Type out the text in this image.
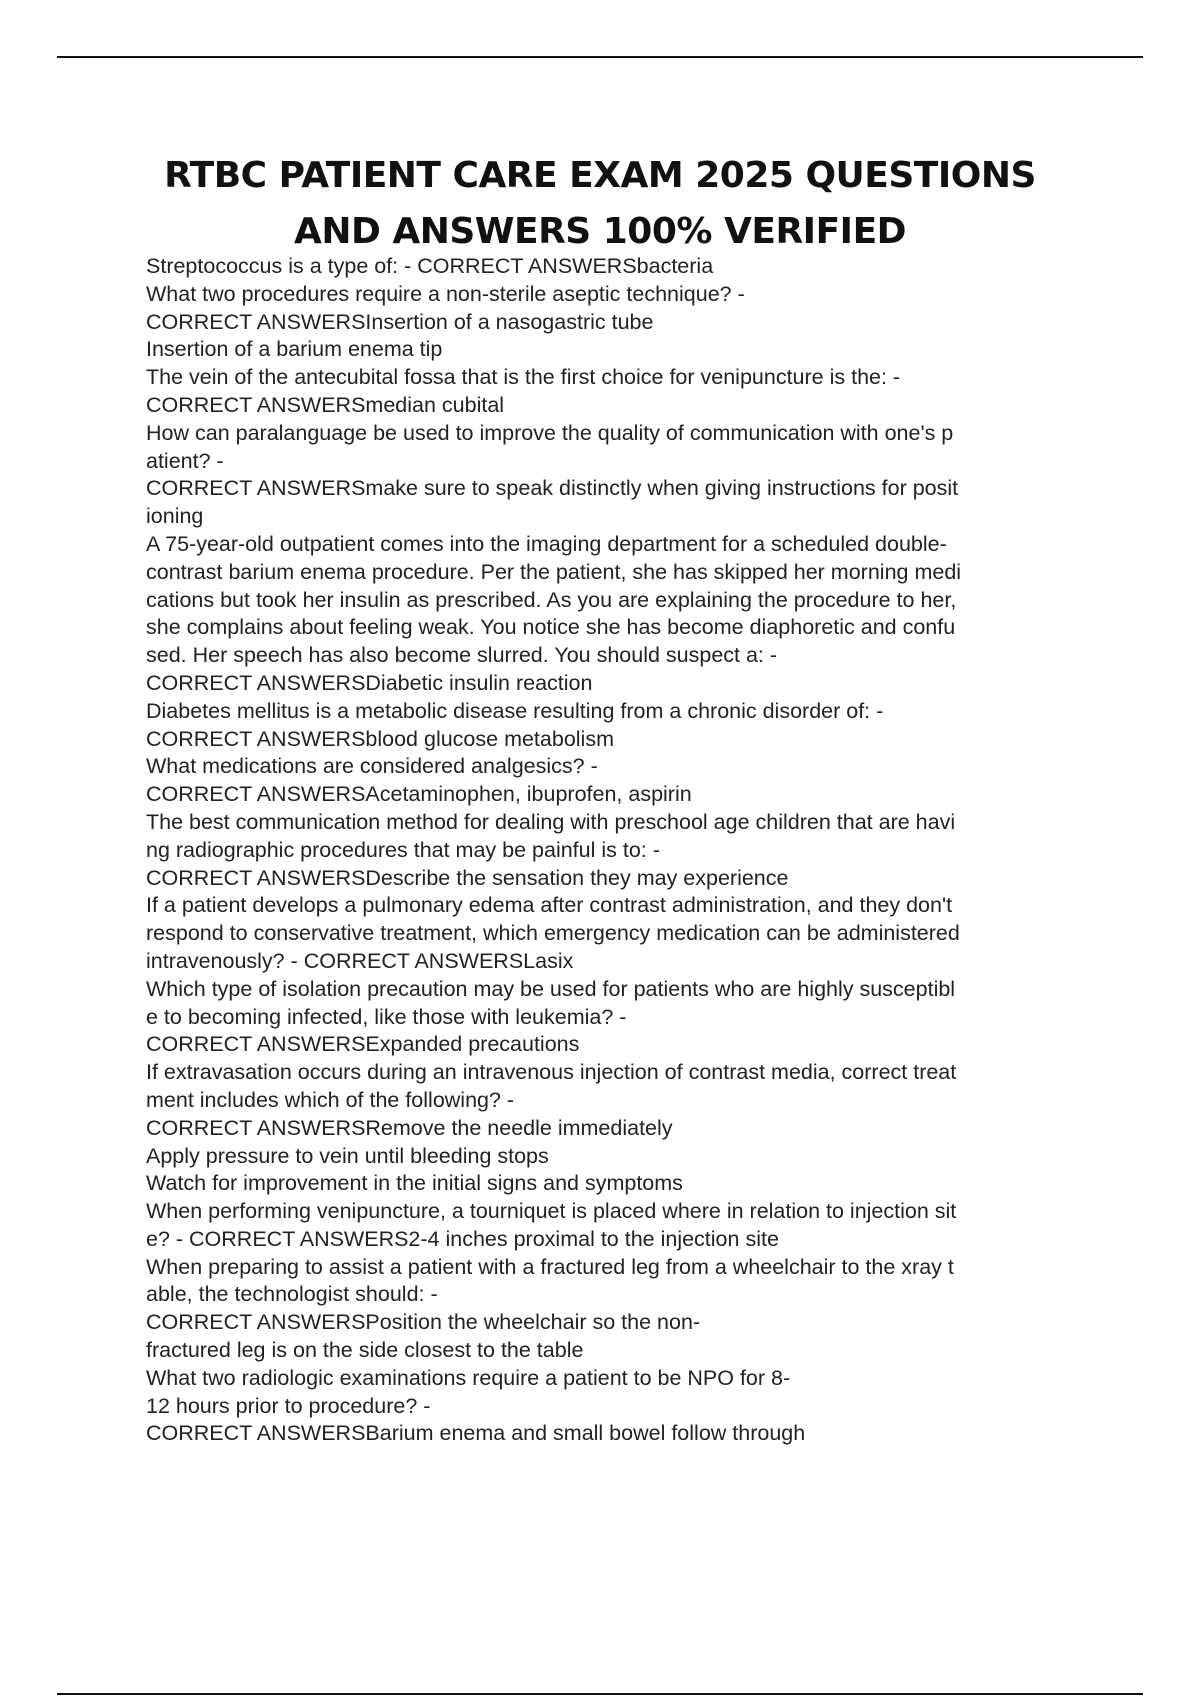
RTBC PATIENT CARE EXAM 2025 QUESTIONS
AND ANSWERS 100% VERIFIED
Streptococcus is a type of: - CORRECT ANSWERSbacteria
What two procedures require a non-sterile aseptic technique? -
CORRECT ANSWERSInsertion of a nasogastric tube
Insertion of a barium enema tip
The vein of the antecubital fossa that is the first choice for venipuncture is the: -
CORRECT ANSWERSmedian cubital
How can paralanguage be used to improve the quality of communication with one's p
atient? -
CORRECT ANSWERSmake sure to speak distinctly when giving instructions for posit
ioning
A 75-year-old outpatient comes into the imaging department for a scheduled double-
contrast barium enema procedure. Per the patient, she has skipped her morning medi
cations but took her insulin as prescribed. As you are explaining the procedure to her,
she complains about feeling weak. You notice she has become diaphoretic and confu
sed. Her speech has also become slurred. You should suspect a: -
CORRECT ANSWERSDiabetic insulin reaction
Diabetes mellitus is a metabolic disease resulting from a chronic disorder of: -
CORRECT ANSWERSblood glucose metabolism
What medications are considered analgesics? -
CORRECT ANSWERSAcetaminophen, ibuprofen, aspirin
The best communication method for dealing with preschool age children that are havi
ng radiographic procedures that may be painful is to: -
CORRECT ANSWERSDescribe the sensation they may experience
If a patient develops a pulmonary edema after contrast administration, and they don't
respond to conservative treatment, which emergency medication can be administered
intravenously? - CORRECT ANSWERSLasix
Which type of isolation precaution may be used for patients who are highly susceptibl
e to becoming infected, like those with leukemia? -
CORRECT ANSWERSExpanded precautions
If extravasation occurs during an intravenous injection of contrast media, correct treat
ment includes which of the following? -
CORRECT ANSWERSRemove the needle immediately
Apply pressure to vein until bleeding stops
Watch for improvement in the initial signs and symptoms
When performing venipuncture, a tourniquet is placed where in relation to injection sit
e? - CORRECT ANSWERS2-4 inches proximal to the injection site
When preparing to assist a patient with a fractured leg from a wheelchair to the xray t
able, the technologist should: -
CORRECT ANSWERSPosition the wheelchair so the non-
fractured leg is on the side closest to the table
What two radiologic examinations require a patient to be NPO for 8-
12 hours prior to procedure? -
CORRECT ANSWERSBarium enema and small bowel follow through
